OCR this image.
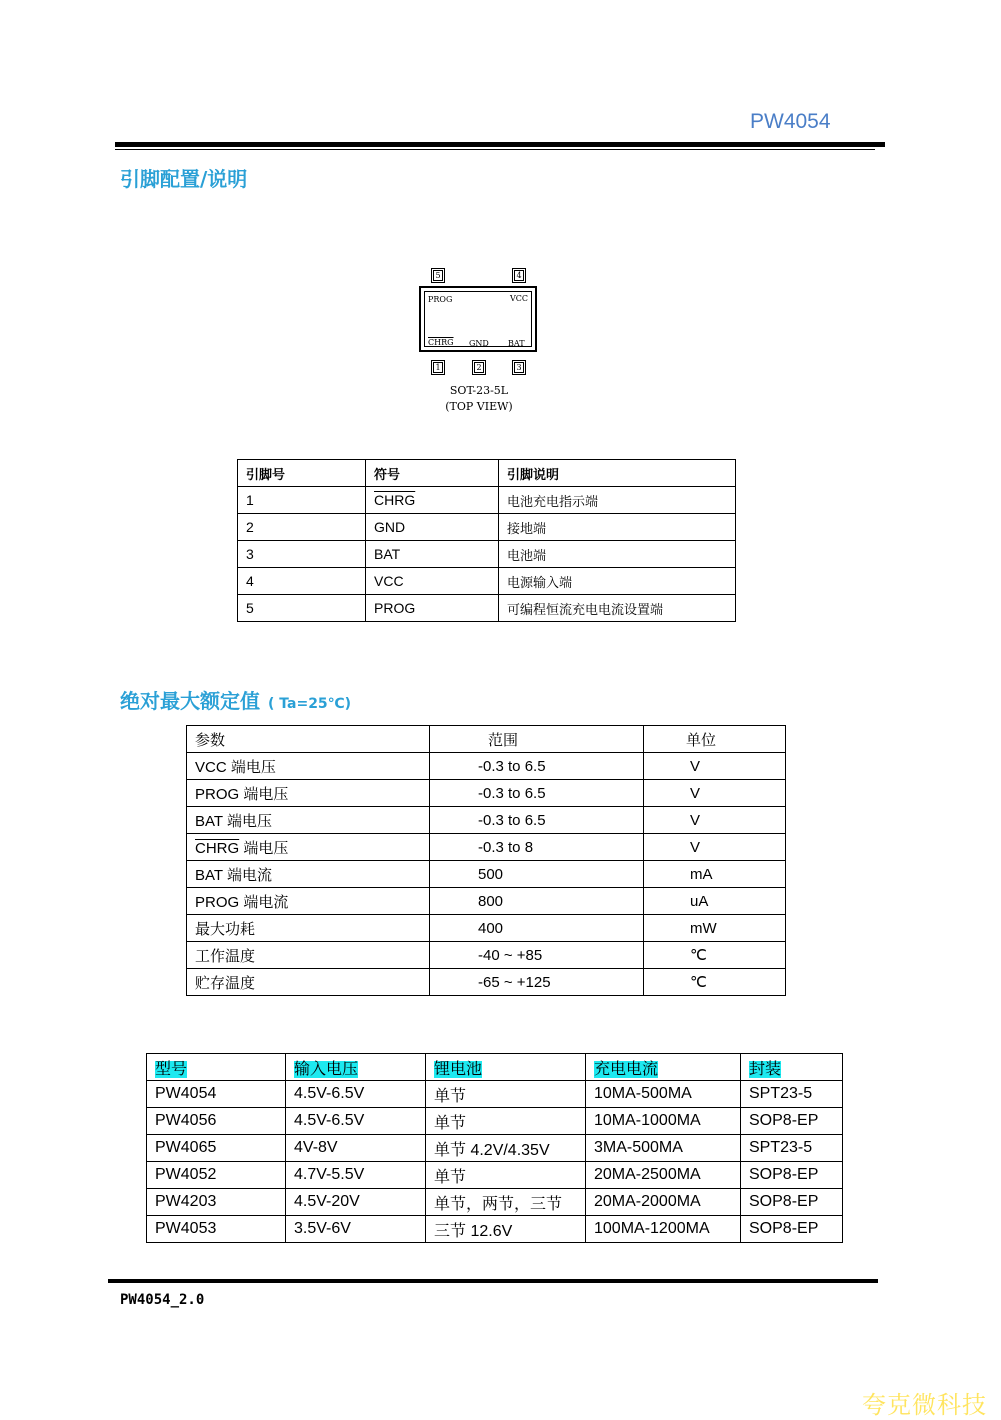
PW4054
引脚配置/说明
5	4
PROG	VCC
CHRG GND BAT
1	2	3
SOT-23-5L
(TOP VIEW)
引脚号	符号	引脚说明
1	CHRG	电池充电指示端
2	GND	接地端
3	BAT	电池端
4	VCC	电源输入端
5	PROG	可编程恒流充电电流设置端
绝对最大额定值 ( Ta=25℃)
参数	范围	单位
VCC 端电压	-0.3 to 6.5	V
PROG 端电压	-0.3 to 6.5	V
BAT 端电压	-0.3 to 6.5	V
CHRG 端电压	-0.3 to 8	V
BAT 端电流	500	mA
PROG 端电流	800	uA
最大功耗	400	mW
工作温度	-40 ~ +85	℃
贮存温度	-65 ~ +125	℃
型号	输入电压	锂电池	充电电流	封装
PW4054	4.5V-6.5V	单节	10MA-500MA	SPT23-5
PW4056	4.5V-6.5V	单节	10MA-1000MA	SOP8-EP
PW4065	4V-8V	单节 4.2V/4.35V	3MA-500MA	SPT23-5
PW4052	4.7V-5.5V	单节	20MA-2500MA	SOP8-EP
PW4203	4.5V-20V	单节，两节，三节	20MA-2000MA	SOP8-EP
PW4053	3.5V-6V	三节 12.6V	100MA-1200MA	SOP8-EP
PW4054_2.0
夸克微科技
